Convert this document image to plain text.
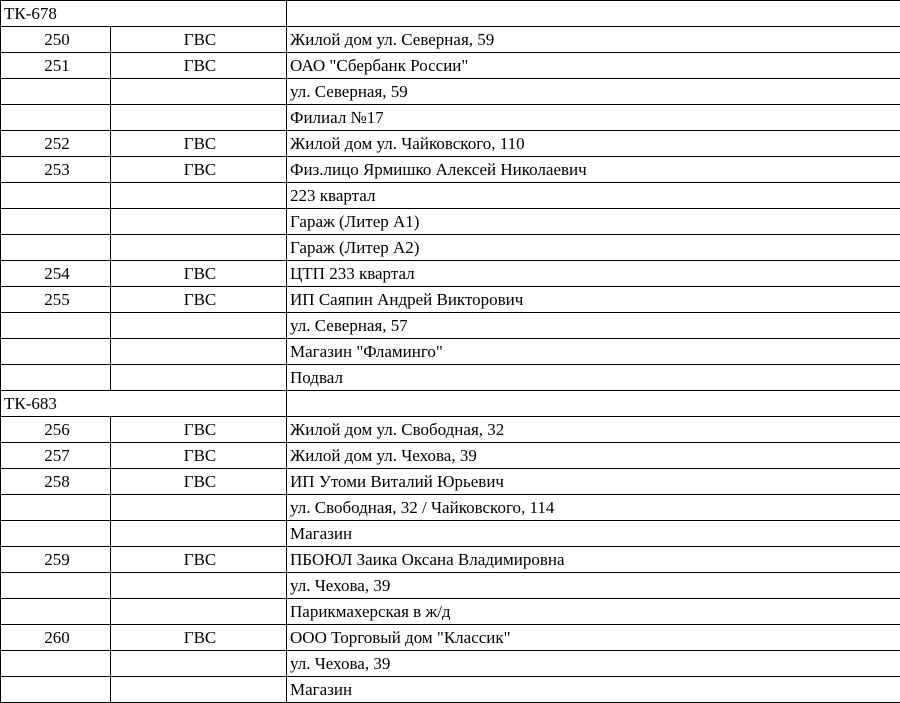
ТК-678		
250	ГВС	Жилой дом ул. Северная, 59
251	ГВС	ОАО "Сбербанк России"
		ул. Северная, 59
		Филиал №17
252	ГВС	Жилой дом ул. Чайковского, 110
253	ГВС	Физ.лицо Ярмишко Алексей Николаевич
		223 квартал
		Гараж (Литер А1)
		Гараж (Литер А2)
254	ГВС	ЦТП 233 квартал
255	ГВС	ИП Саяпин Андрей Викторович
		ул. Северная, 57
		Магазин "Фламинго"
		Подвал
ТК-683		
256	ГВС	Жилой дом ул. Свободная, 32
257	ГВС	Жилой дом ул. Чехова, 39
258	ГВС	ИП Утоми Виталий Юрьевич
		ул. Свободная, 32 / Чайковского, 114
		Магазин
259	ГВС	ПБОЮЛ Заика Оксана Владимировна
		ул. Чехова, 39
		Парикмахерская в ж/д
260	ГВС	ООО Торговый дом "Классик"
		ул. Чехова, 39
		Магазин
